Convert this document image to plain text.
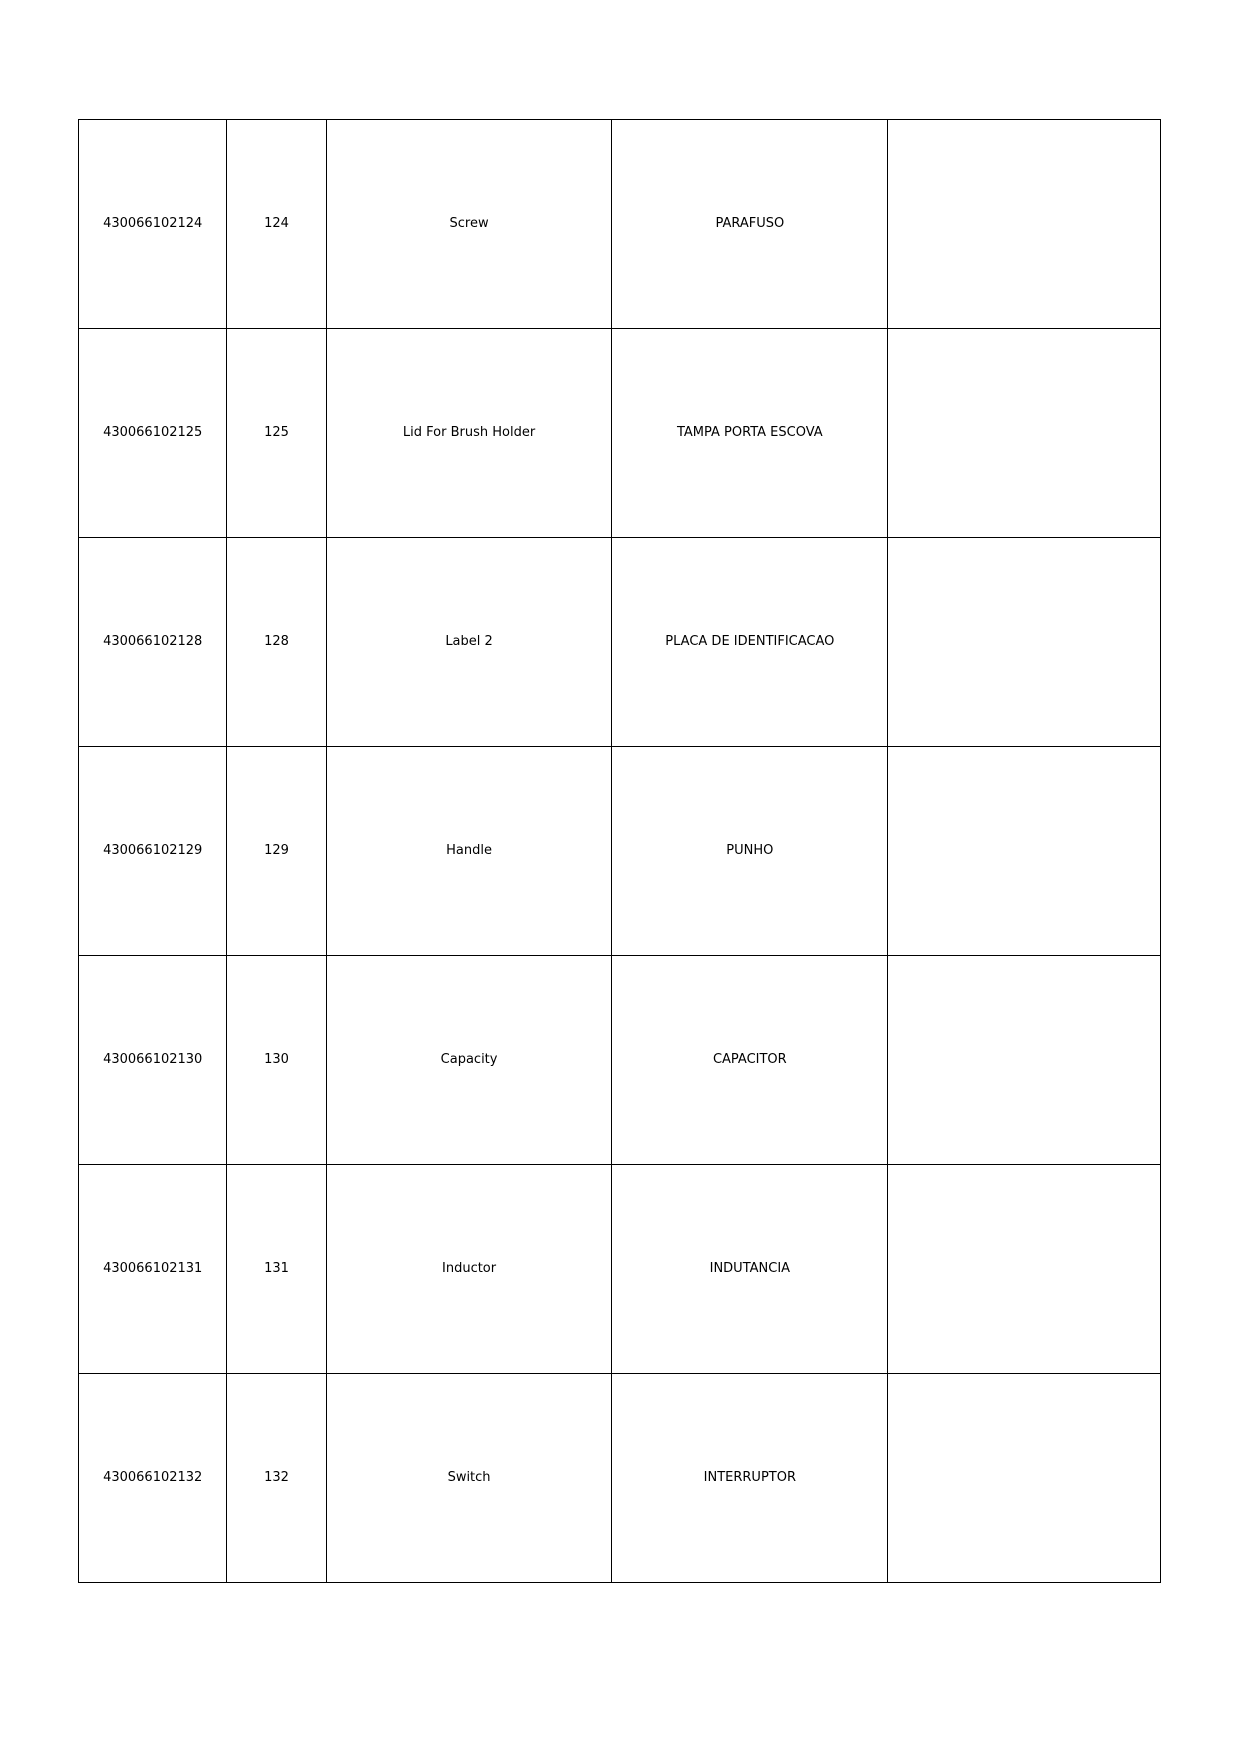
430066102124	124	Screw	PARAFUSO	
430066102125	125	Lid For Brush Holder	TAMPA PORTA ESCOVA	
430066102128	128	Label 2	PLACA DE IDENTIFICACAO	
430066102129	129	Handle	PUNHO	
430066102130	130	Capacity	CAPACITOR	
430066102131	131	Inductor	INDUTANCIA	
430066102132	132	Switch	INTERRUPTOR	
